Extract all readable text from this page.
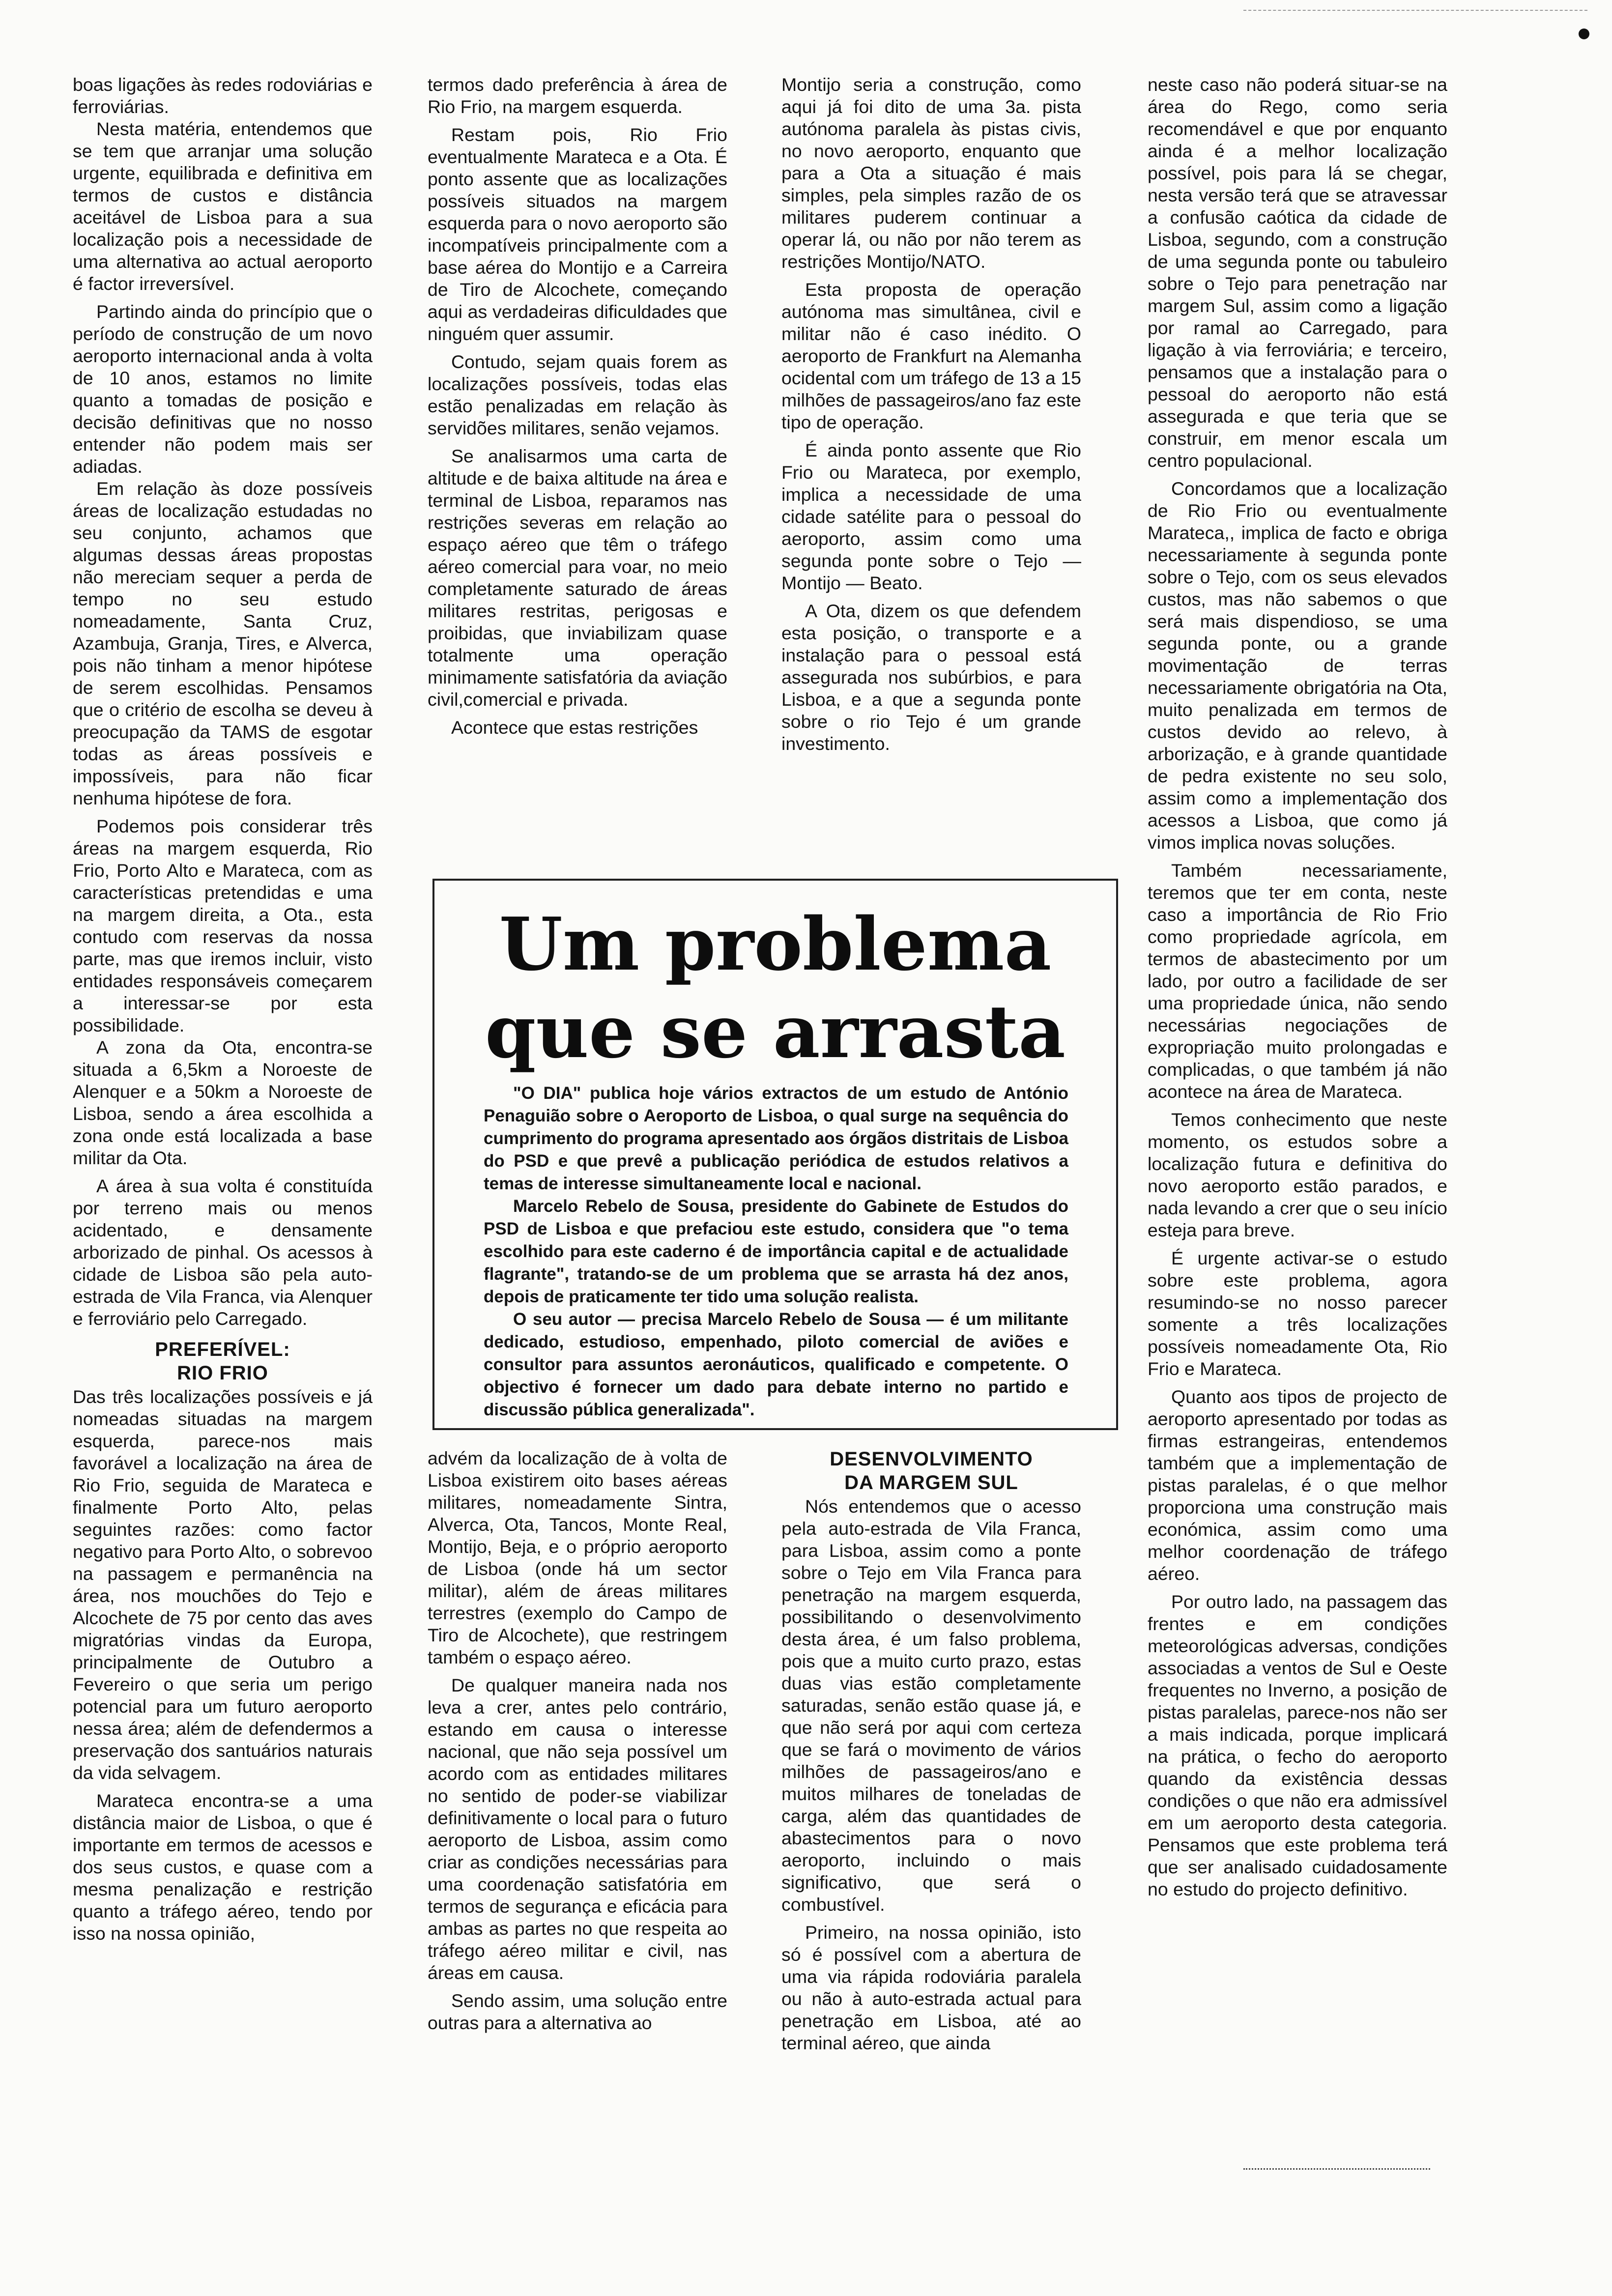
boas ligações às redes rodoviárias e ferroviárias.

Nesta matéria, entendemos que se tem que arranjar uma solução urgente, equilibrada e definitiva em termos de custos e distância aceitável de Lisboa para a sua localização pois a necessidade de uma alternativa ao actual aeroporto é factor irreversível.

Partindo ainda do princípio que o período de construção de um novo aeroporto internacional anda à volta de 10 anos, estamos no limite quanto a tomadas de posição e decisão definitivas que no nosso entender não podem mais ser adiadas.

Em relação às doze possíveis áreas de localização estudadas no seu conjunto, achamos que algumas dessas áreas propostas não mereciam sequer a perda de tempo no seu estudo nomeadamente, Santa Cruz, Azambuja, Granja, Tires, e Alverca, pois não tinham a menor hipótese de serem escolhidas. Pensamos que o critério de escolha se deveu à preocupação da TAMS de esgotar todas as áreas possíveis e impossíveis, para não ficar nenhuma hipótese de fora.

Podemos pois considerar três áreas na margem esquerda, Rio Frio, Porto Alto e Marateca, com as características pretendidas e uma na margem direita, a Ota., esta contudo com reservas da nossa parte, mas que iremos incluir, visto entidades responsáveis começarem a interessar-se por esta possibilidade.

A zona da Ota, encontra-se situada a 6,5km a Noroeste de Alenquer e a 50km a Noroeste de Lisboa, sendo a área escolhida a zona onde está localizada a base militar da Ota.

A área à sua volta é constituída por terreno mais ou menos acidentado, e densamente arborizado de pinhal. Os acessos à cidade de Lisboa são pela auto-estrada de Vila Franca, via Alenquer e ferroviário pelo Carregado.

PREFERÍVEL:
RIO FRIO

Das três localizações possíveis e já nomeadas situadas na margem esquerda, parece-nos mais favorável a localização na área de Rio Frio, seguida de Marateca e finalmente Porto Alto, pelas seguintes razões: como factor negativo para Porto Alto, o sobrevoo na passagem e permanência na área, nos mouchões do Tejo e Alcochete de 75 por cento das aves migratórias vindas da Europa, principalmente de Outubro a Fevereiro o que seria um perigo potencial para um futuro aeroporto nessa área; além de defendermos a preservação dos santuários naturais da vida selvagem.

Marateca encontra-se a uma distância maior de Lisboa, o que é importante em termos de acessos e dos seus custos, e quase com a mesma penalização e restrição quanto a tráfego aéreo, tendo por isso na nossa opinião,

termos dado preferência à área de Rio Frio, na margem esquerda.

Restam pois, Rio Frio eventualmente Marateca e a Ota. É ponto assente que as localizações possíveis situados na margem esquerda para o novo aeroporto são incompatíveis principalmente com a base aérea do Montijo e a Carreira de Tiro de Alcochete, começando aqui as verdadeiras dificuldades que ninguém quer assumir.

Contudo, sejam quais forem as localizações possíveis, todas elas estão penalizadas em relação às servidões militares, senão vejamos.

Se analisarmos uma carta de altitude e de baixa altitude na área e terminal de Lisboa, reparamos nas restrições severas em relação ao espaço aéreo que têm o tráfego aéreo comercial para voar, no meio completamente saturado de áreas militares restritas, perigosas e proibidas, que inviabilizam quase totalmente uma operação minimamente satisfatória da aviação civil,comercial e privada.

Acontece que estas restrições

Montijo seria a construção, como aqui já foi dito de uma 3a. pista autónoma paralela às pistas civis, no novo aeroporto, enquanto que para a Ota a situação é mais simples, pela simples razão de os militares puderem continuar a operar lá, ou não por não terem as restrições Montijo/NATO.

Esta proposta de operação autónoma mas simultânea, civil e militar não é caso inédito. O aeroporto de Frankfurt na Alemanha ocidental com um tráfego de 13 a 15 milhões de passageiros/ano faz este tipo de operação.

É ainda ponto assente que Rio Frio ou Marateca, por exemplo, implica a necessidade de uma cidade satélite para o pessoal do aeroporto, assim como uma segunda ponte sobre o Tejo — Montijo — Beato.

A Ota, dizem os que defendem esta posição, o transporte e a instalação para o pessoal está assegurada nos subúrbios, e para Lisboa, e a que a segunda ponte sobre o rio Tejo é um grande investimento.

neste caso não poderá situar-se na área do Rego, como seria recomendável e que por enquanto ainda é a melhor localização possível, pois para lá se chegar, nesta versão terá que se atravessar a confusão caótica da cidade de Lisboa, segundo, com a construção de uma segunda ponte ou tabuleiro sobre o Tejo para penetração nar margem Sul, assim como a ligação por ramal ao Carregado, para ligação à via ferroviária; e terceiro, pensamos que a instalação para o pessoal do aeroporto não está assegurada e que teria que se construir, em menor escala um centro populacional.

Concordamos que a localização de Rio Frio ou eventualmente Marateca,, implica de facto e obriga necessariamente à segunda ponte sobre o Tejo, com os seus elevados custos, mas não sabemos o que será mais dispendioso, se uma segunda ponte, ou a grande movimentação de terras necessariamente obrigatória na Ota, muito penalizada em termos de custos devido ao relevo, à arborização, e à grande quantidade de pedra existente no seu solo, assim como a implementação dos acessos a Lisboa, que como já vimos implica novas soluções.

Também necessariamente, teremos que ter em conta, neste caso a importância de Rio Frio como propriedade agrícola, em termos de abastecimento por um lado, por outro a facilidade de ser uma propriedade única, não sendo necessárias negociações de expropriação muito prolongadas e complicadas, o que também já não acontece na área de Marateca.

Temos conhecimento que neste momento, os estudos sobre a localização futura e definitiva do novo aeroporto estão parados, e nada levando a crer que o seu início esteja para breve.

É urgente activar-se o estudo sobre este problema, agora resumindo-se no nosso parecer somente a três localizações possíveis nomeadamente Ota, Rio Frio e Marateca.

Quanto aos tipos de projecto de aeroporto apresentado por todas as firmas estrangeiras, entendemos também que a implementação de pistas paralelas, é o que melhor proporciona uma construção mais económica, assim como uma melhor coordenação de tráfego aéreo.

Por outro lado, na passagem das frentes e em condições meteorológicas adversas, condições associadas a ventos de Sul e Oeste frequentes no Inverno, a posição de pistas paralelas, parece-nos não ser a mais indicada, porque implicará na prática, o fecho do aeroporto quando da existência dessas condições o que não era admissível em um aeroporto desta categoria. Pensamos que este problema terá que ser analisado cuidadosamente no estudo do projecto definitivo.

Um problema
que se arrasta

"O DIA" publica hoje vários extractos de um estudo de António Penaguião sobre o Aeroporto de Lisboa, o qual surge na sequência do cumprimento do programa apresentado aos órgãos distritais de Lisboa do PSD e que prevê a publicação periódica de estudos relativos a temas de interesse simultaneamente local e nacional.

Marcelo Rebelo de Sousa, presidente do Gabinete de Estudos do PSD de Lisboa e que prefaciou este estudo, considera que "o tema escolhido para este caderno é de importância capital e de actualidade flagrante", tratando-se de um problema que se arrasta há dez anos, depois de praticamente ter tido uma solução realista.

O seu autor — precisa Marcelo Rebelo de Sousa — é um militante dedicado, estudioso, empenhado, piloto comercial de aviões e consultor para assuntos aeronáuticos, qualificado e competente. O objectivo é fornecer um dado para debate interno no partido e discussão pública generalizada".

advém da localização de à volta de Lisboa existirem oito bases aéreas militares, nomeadamente Sintra, Alverca, Ota, Tancos, Monte Real, Montijo, Beja, e o próprio aeroporto de Lisboa (onde há um sector militar), além de áreas militares terrestres (exemplo do Campo de Tiro de Alcochete), que restringem também o espaço aéreo.

De qualquer maneira nada nos leva a crer, antes pelo contrário, estando em causa o interesse nacional, que não seja possível um acordo com as entidades militares no sentido de poder-se viabilizar definitivamente o local para o futuro aeroporto de Lisboa, assim como criar as condições necessárias para uma coordenação satisfatória em termos de segurança e eficácia para ambas as partes no que respeita ao tráfego aéreo militar e civil, nas áreas em causa.

Sendo assim, uma solução entre outras para a alternativa ao

DESENVOLVIMENTO
DA MARGEM SUL

Nós entendemos que o acesso pela auto-estrada de Vila Franca, para Lisboa, assim como a ponte sobre o Tejo em Vila Franca para penetração na margem esquerda, possibilitando o desenvolvimento desta área, é um falso problema, pois que a muito curto prazo, estas duas vias estão completamente saturadas, senão estão quase já, e que não será por aqui com certeza que se fará o movimento de vários milhões de passageiros/ano e muitos milhares de toneladas de carga, além das quantidades de abastecimentos para o novo aeroporto, incluindo o mais significativo, que será o combustível.

Primeiro, na nossa opinião, isto só é possível com a abertura de uma via rápida rodoviária paralela ou não à auto-estrada actual para penetração em Lisboa, até ao terminal aéreo, que ainda
